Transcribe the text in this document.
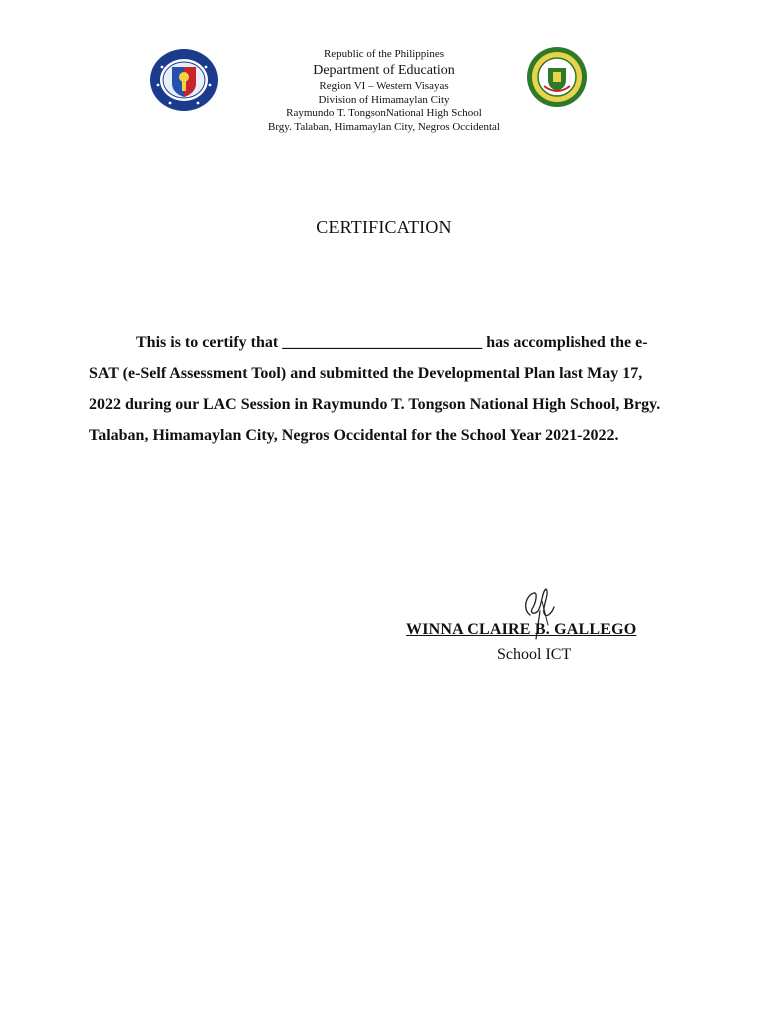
Republic of the Philippines
Department of Education
Region VI – Western Visayas
Division of Himamaylan City
Raymundo T. TongsonNational High School
Brgy. Talaban, Himamaylan City, Negros Occidental
CERTIFICATION

This is to certify that _________________________ has accomplished the e-SAT (e-Self Assessment Tool) and submitted the Developmental Plan last May 17, 2022 during our LAC Session in Raymundo T. Tongson National High School, Brgy. Talaban, Himamaylan City, Negros Occidental for the School Year 2021-2022.

WINNA CLAIRE B. GALLEGO
School ICT
